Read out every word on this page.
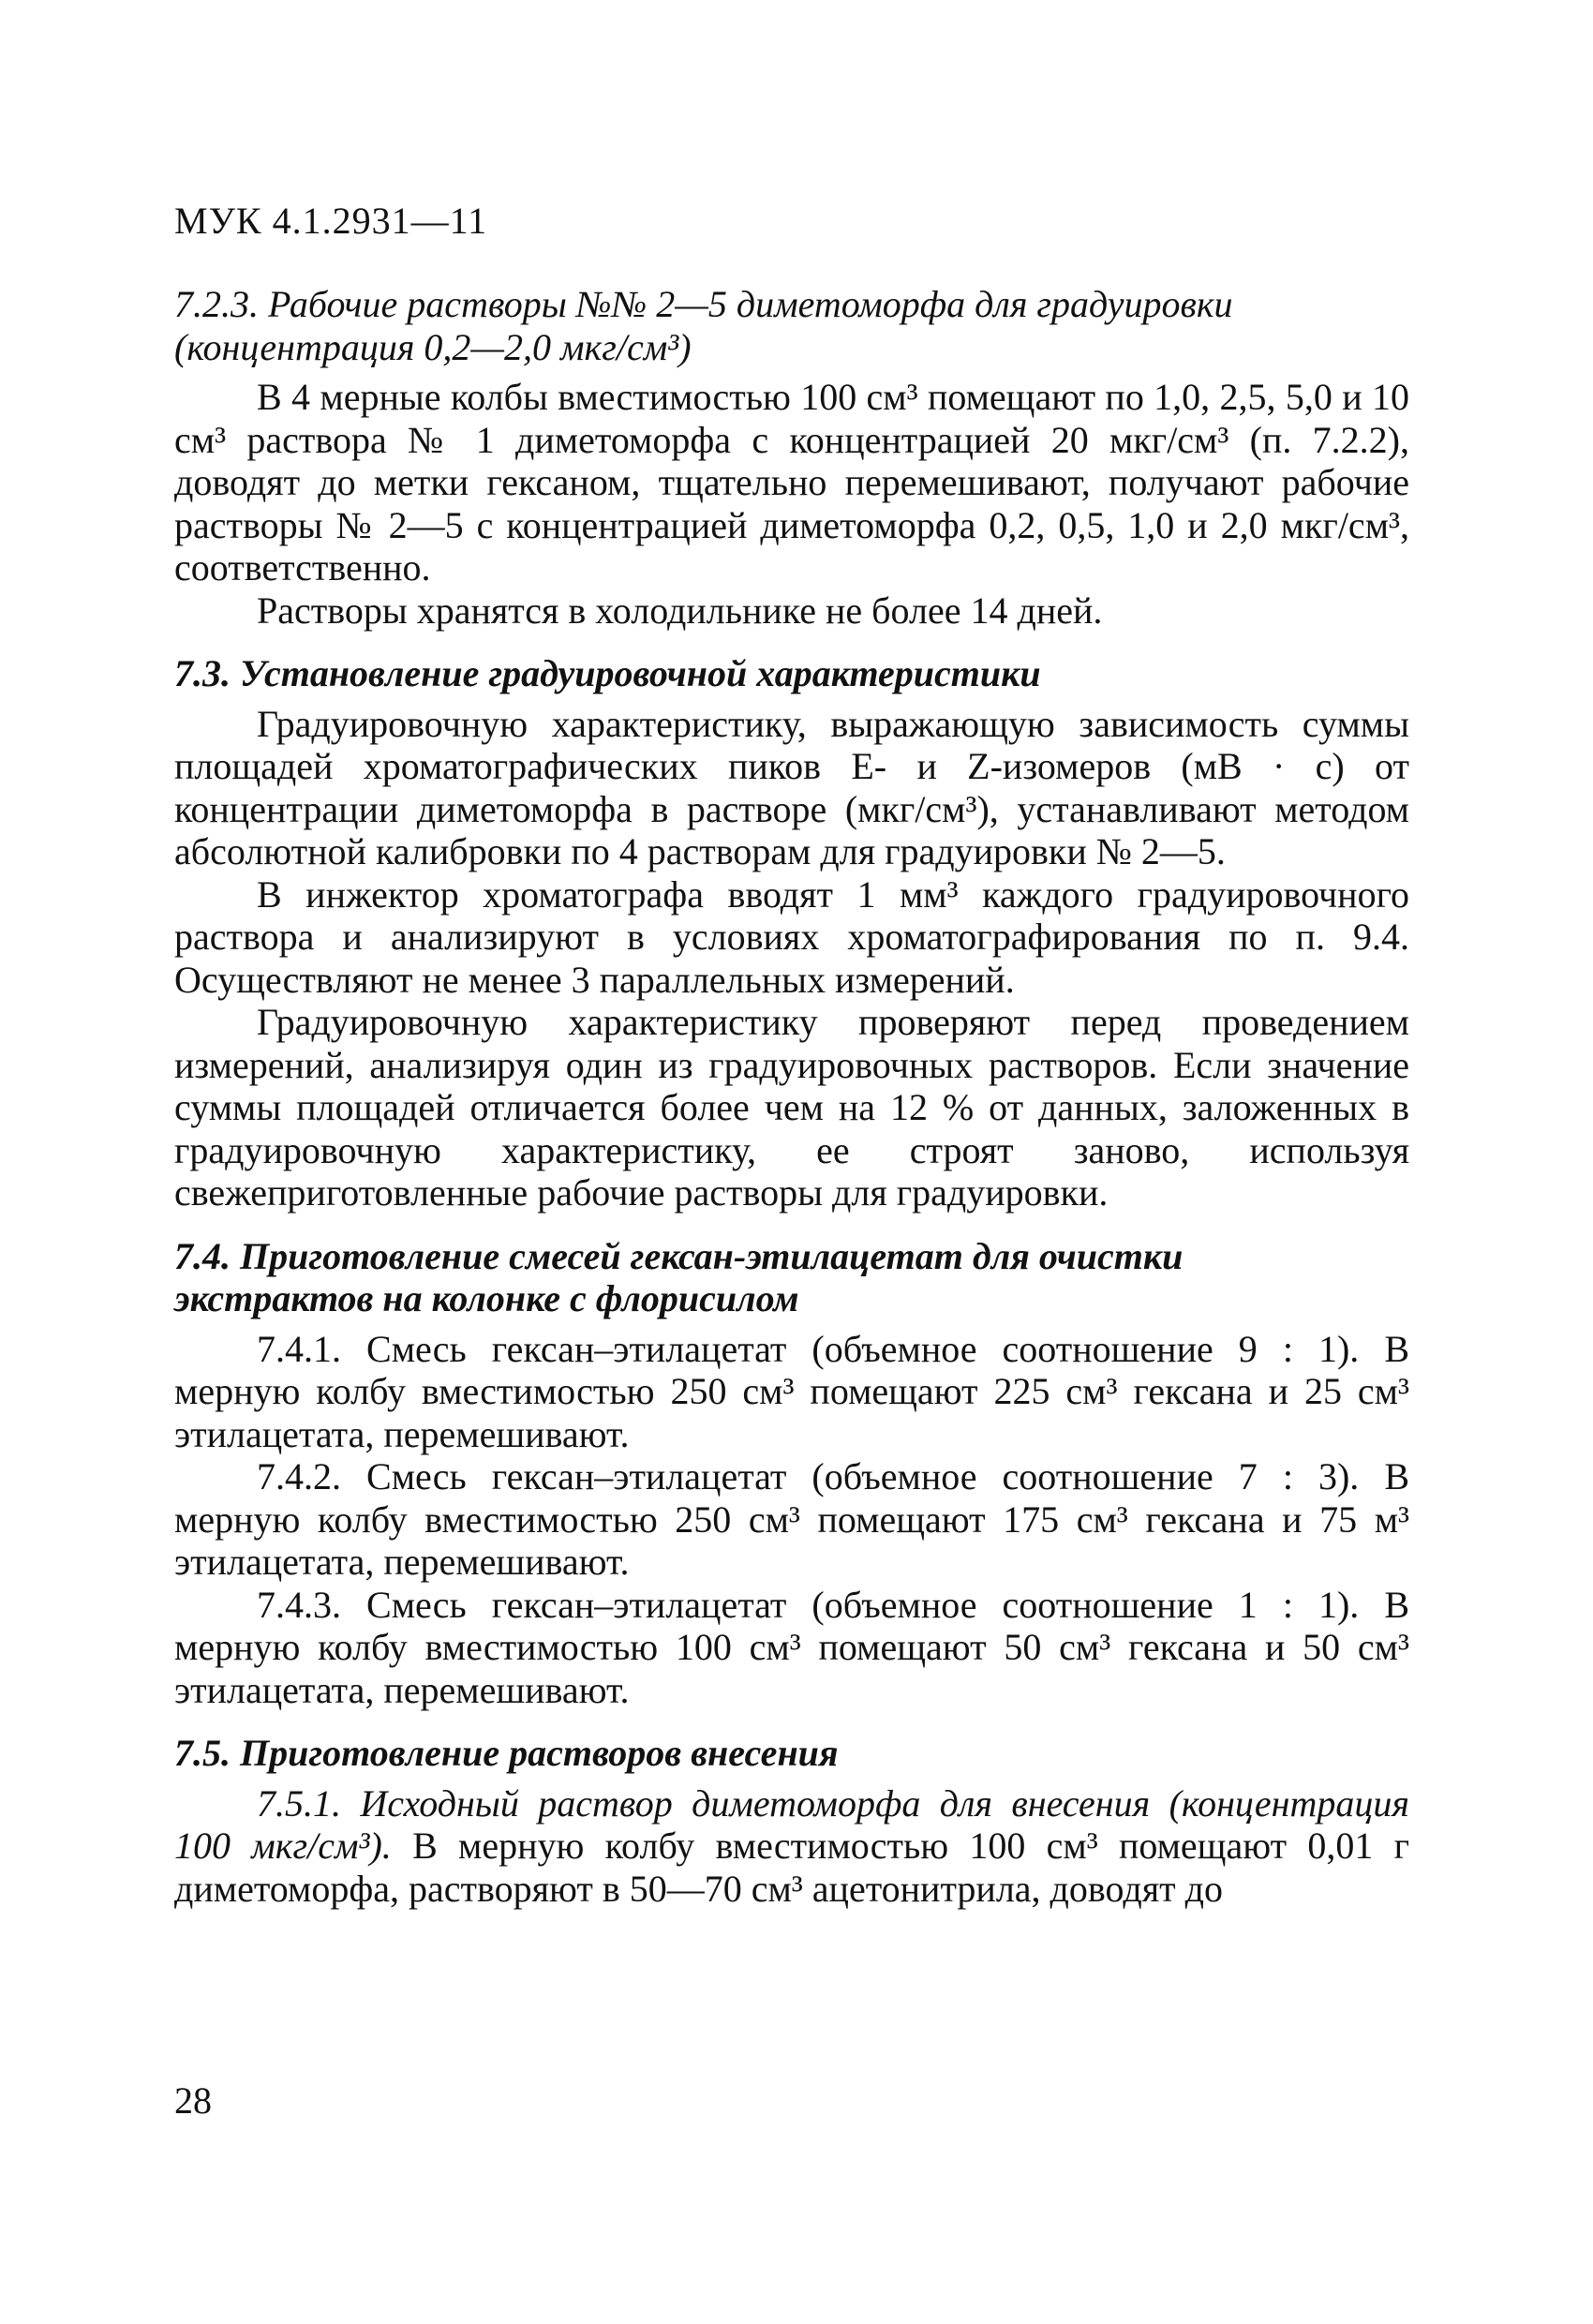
МУК 4.1.2931—11

7.2.3. Рабочие растворы №№ 2—5 диметоморфа для градуировки

(концентрация 0,2—2,0 мкг/см³)

В 4 мерные колбы вместимостью 100 см³ помещают по 1,0, 2,5, 5,0 и 10 см³ раствора № 1 диметоморфа с концентрацией 20 мкг/см³ (п. 7.2.2), доводят до метки гексаном, тщательно перемешивают, получают рабочие растворы № 2—5 с концентрацией диметоморфа 0,2, 0,5, 1,0 и 2,0 мкг/см³, соответственно.

Растворы хранятся в холодильнике не более 14 дней.

7.3. Установление градуировочной характеристики

Градуировочную характеристику, выражающую зависимость суммы площадей хроматографических пиков E- и Z-изомеров (мВ · с) от концентрации диметоморфа в растворе (мкг/см³), устанавливают методом абсолютной калибровки по 4 растворам для градуировки № 2—5.

В инжектор хроматографа вводят 1 мм³ каждого градуировочного раствора и анализируют в условиях хроматографирования по п. 9.4. Осуществляют не менее 3 параллельных измерений.

Градуировочную характеристику проверяют перед проведением измерений, анализируя один из градуировочных растворов. Если значение суммы площадей отличается более чем на 12 % от данных, заложенных в градуировочную характеристику, ее строят заново, используя свежеприготовленные рабочие растворы для градуировки.

7.4. Приготовление смесей гексан-этилацетат для очистки

экстрактов на колонке с флорисилом

7.4.1. Смесь гексан–этилацетат (объемное соотношение 9 : 1). В мерную колбу вместимостью 250 см³ помещают 225 см³ гексана и 25 см³ этилацетата, перемешивают.

7.4.2. Смесь гексан–этилацетат (объемное соотношение 7 : 3). В мерную колбу вместимостью 250 см³ помещают 175 см³ гексана и 75 м³ этилацетата, перемешивают.

7.4.3. Смесь гексан–этилацетат (объемное соотношение 1 : 1). В мерную колбу вместимостью 100 см³ помещают 50 см³ гексана и 50 см³ этилацетата, перемешивают.

7.5. Приготовление растворов внесения

7.5.1. Исходный раствор диметоморфа для внесения (концентрация 100 мкг/см³). В мерную колбу вместимостью 100 см³ помещают 0,01 г диметоморфа, растворяют в 50—70 см³ ацетонитрила, доводят до

28
